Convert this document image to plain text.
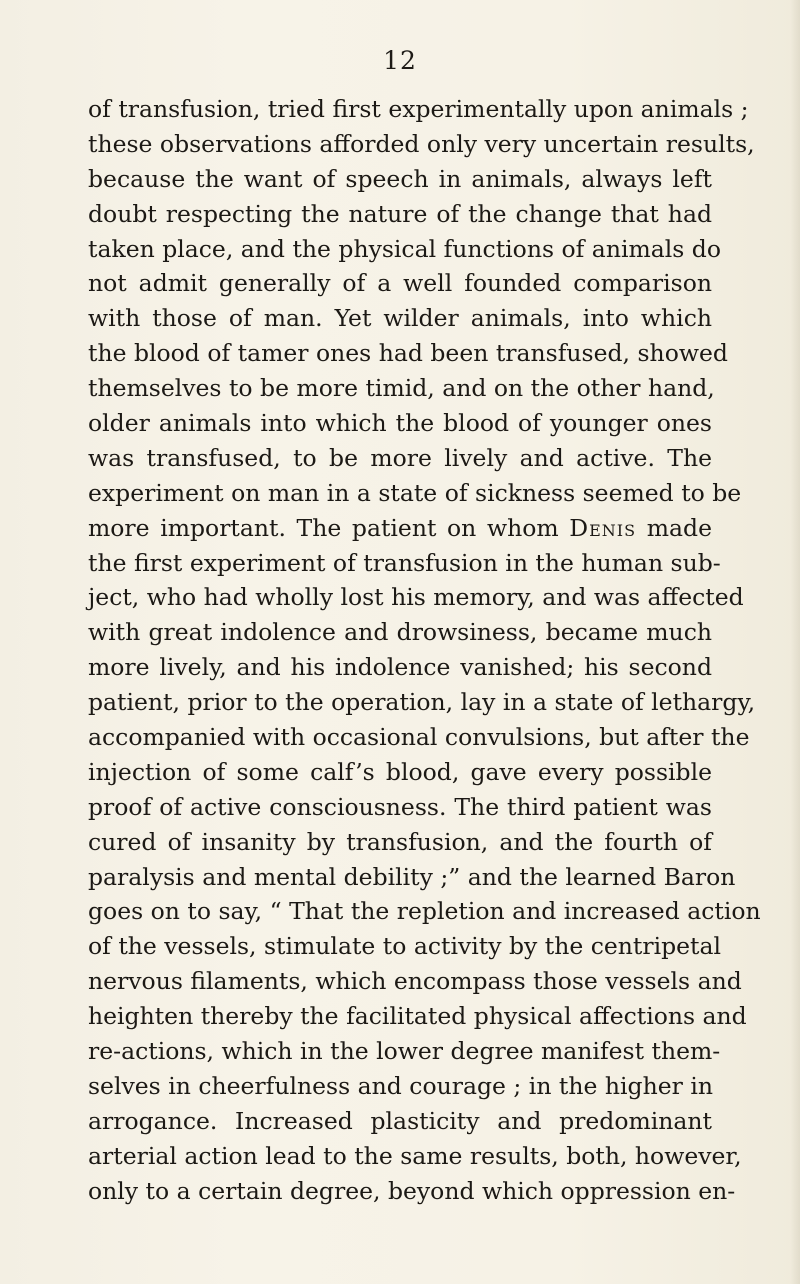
12
of transfusion, tried first experimentally upon animals ;
these observations afforded only very uncertain results,
because the want of speech in animals, always left
doubt respecting the nature of the change that had
taken place, and the physical functions of animals do
not admit generally of a well founded comparison
with those of man. Yet wilder animals, into which
the blood of tamer ones had been transfused, showed
themselves to be more timid, and on the other hand,
older animals into which the blood of younger ones
was transfused, to be more lively and active. The
experiment on man in a state of sickness seemed to be
more important. The patient on whom Denis made
the first experiment of transfusion in the human sub-
ject, who had wholly lost his memory, and was affected
with great indolence and drowsiness, became much
more lively, and his indolence vanished; his second
patient, prior to the operation, lay in a state of lethargy,
accompanied with occasional convulsions, but after the
injection of some calf’s blood, gave every possible
proof of active consciousness. The third patient was
cured of insanity by transfusion, and the fourth of
paralysis and mental debility ;” and the learned Baron
goes on to say, “ That the repletion and increased action
of the vessels, stimulate to activity by the centripetal
nervous filaments, which encompass those vessels and
heighten thereby the facilitated physical affections and
re-actions, which in the lower degree manifest them-
selves in cheerfulness and courage ; in the higher in
arrogance. Increased plasticity and predominant
arterial action lead to the same results, both, however,
only to a certain degree, beyond which oppression en-
